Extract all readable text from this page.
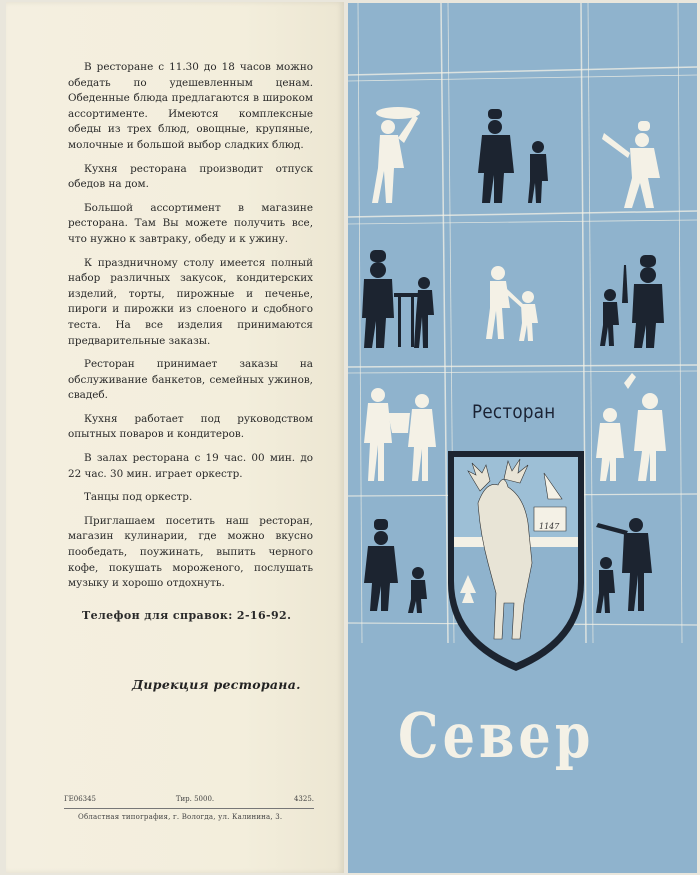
В ресторане с 11.30 до 18 часов можно обедать по удешевленным ценам. Обеденные блюда предлагаются в широком ассортименте. Имеются комплексные обеды из трех блюд, овощные, крупяные, молочные и большой выбор сладких блюд.

Кухня ресторана производит отпуск обедов на дом.

Большой ассортимент в магазине ресторана. Там Вы можете получить все, что нужно к завтраку, обеду и к ужину.

К праздничному столу имеется полный набор различных закусок, кондитерских изделий, торты, пирожные и печенье, пироги и пирожки из слоеного и сдобного теста. На все изделия принимаются предварительные заказы.

Ресторан принимает заказы на обслуживание банкетов, семейных ужинов, свадеб.

Кухня работает под руководством опытных поваров и кондитеров.

В залах ресторана с 19 час. 00 мин. до 22 час. 30 мин. играет оркестр.

Танцы под оркестр.

Приглашаем посетить наш ресторан, магазин кулинарии, где можно вкусно пообедать, поужинать, выпить черного кофе, покушать мороженого, послушать музыку и хорошо отдохнуть.

Телефон для справок: 2-16-92.
Дирекция ресторана.
ГЕ06345	Тир. 5000.	4325.
Областная типография, г. Вологда, ул. Калинина, 3.
Ресторан
1147
Север
